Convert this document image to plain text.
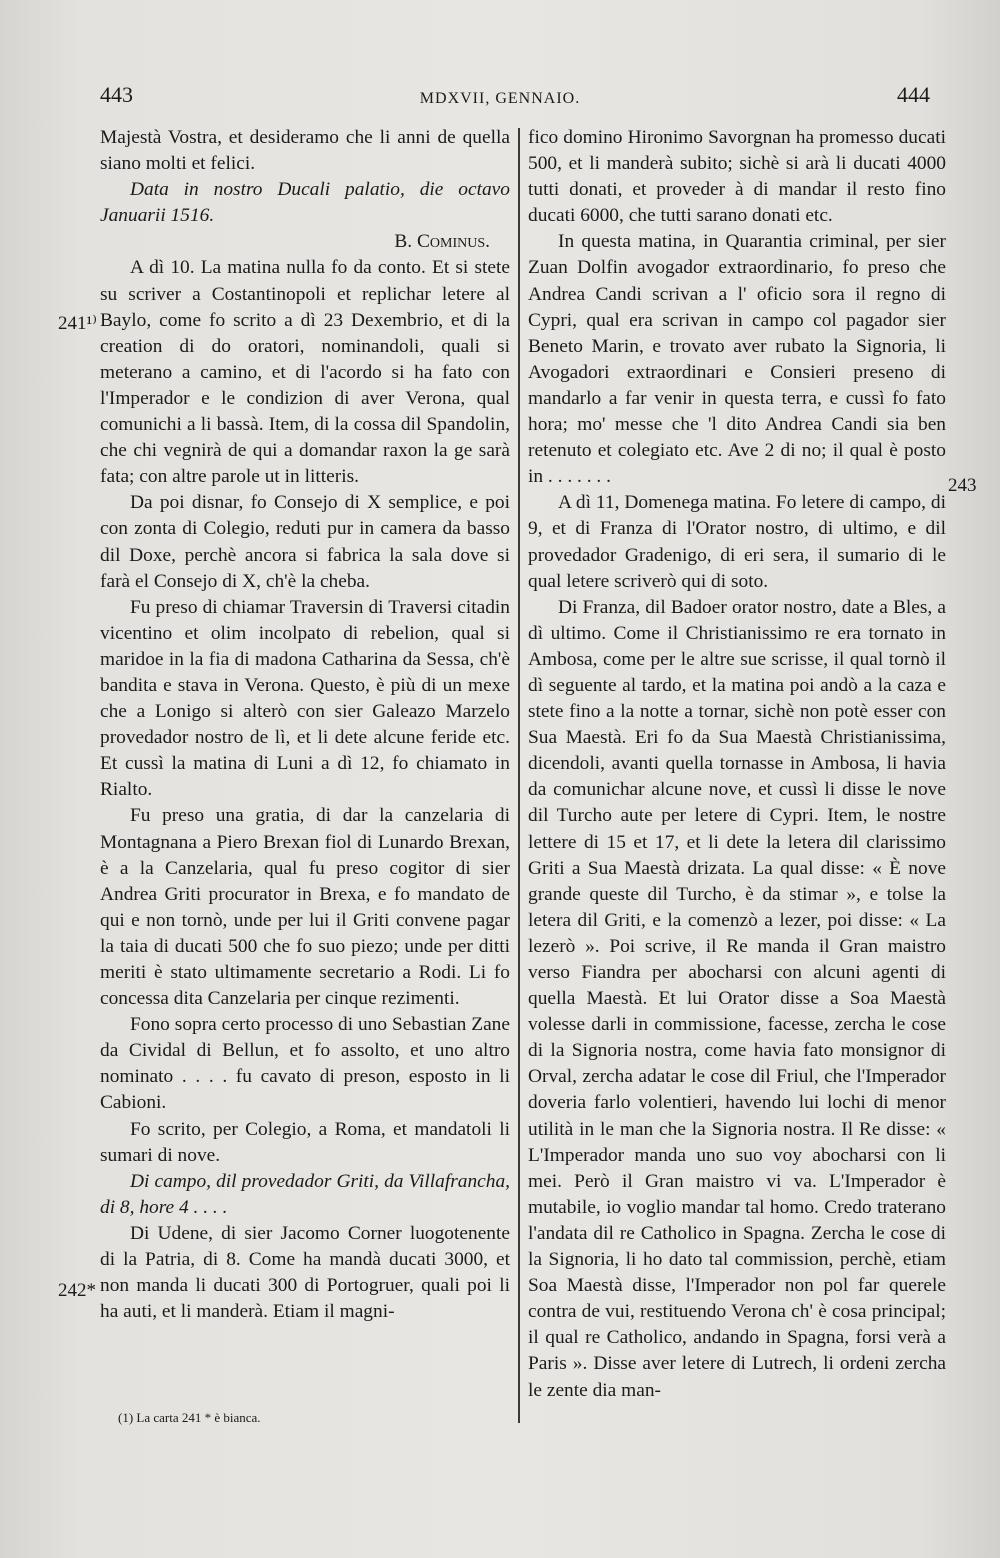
443	MDXVII, GENNAIO.	444
241¹⁾
242*
243

Majestà Vostra, et desideramo che li anni de quella siano molti et felici.

Data in nostro Ducali palatio, die octavo Januarii 1516.

B. Cominus.

A dì 10. La matina nulla fo da conto. Et si stete su scriver a Costantinopoli et replichar letere al Baylo, come fo scrito a dì 23 Dexembrio, et di la creation di do oratori, nominandoli, quali si meterano a camino, et di l'acordo si ha fato con l'Imperador e le condizion di aver Verona, qual comunichi a li bassà. Item, di la cossa dil Spandolin, che chi vegnirà de qui a domandar raxon la ge sarà fata; con altre parole ut in litteris.

Da poi disnar, fo Consejo di X semplice, e poi con zonta di Colegio, reduti pur in camera da basso dil Doxe, perchè ancora si fabrica la sala dove si farà el Consejo di X, ch'è la cheba.

Fu preso di chiamar Traversin di Traversi citadin vicentino et olim incolpato di rebelion, qual si maridoe in la fia di madona Catharina da Sessa, ch'è bandita e stava in Verona. Questo, è più di un mexe che a Lonigo si alterò con sier Galeazo Marzelo provedador nostro de lì, et li dete alcune feride etc. Et cussì la matina di Luni a dì 12, fo chiamato in Rialto.

Fu preso una gratia, di dar la canzelaria di Montagnana a Piero Brexan fiol di Lunardo Brexan, è a la Canzelaria, qual fu preso cogitor di sier Andrea Griti procurator in Brexa, e fo mandato de qui e non tornò, unde per lui il Griti convene pagar la taia di ducati 500 che fo suo piezo; unde per ditti meriti è stato ultimamente secretario a Rodi. Li fo concessa dita Canzelaria per cinque rezimenti.

Fono sopra certo processo di uno Sebastian Zane da Cividal di Bellun, et fo assolto, et uno altro nominato . . . . fu cavato di preson, esposto in li Cabioni.

Fo scrito, per Colegio, a Roma, et mandatoli li sumari di nove.

Di campo, dil provedador Griti, da Villafrancha, di 8, hore 4 . . . .

Di Udene, di sier Jacomo Corner luogotenente di la Patria, di 8. Come ha mandà ducati 3000, et non manda li ducati 300 di Portogruer, quali poi li ha auti, et li manderà. Etiam il magni-

fico domino Hironimo Savorgnan ha promesso ducati 500, et li manderà subito; sichè si arà li ducati 4000 tutti donati, et proveder à di mandar il resto fino ducati 6000, che tutti sarano donati etc.

In questa matina, in Quarantia criminal, per sier Zuan Dolfin avogador extraordinario, fo preso che Andrea Candi scrivan a l' oficio sora il regno di Cypri, qual era scrivan in campo col pagador sier Beneto Marin, e trovato aver rubato la Signoria, li Avogadori extraordinari e Consieri preseno di mandarlo a far venir in questa terra, e cussì fo fato hora; mo' messe che 'l dito Andrea Candi sia ben retenuto et colegiato etc. Ave 2 di no; il qual è posto in . . . . . . .

A dì 11, Domenega matina. Fo letere di campo, di 9, et di Franza di l'Orator nostro, di ultimo, e dil provedador Gradenigo, di eri sera, il sumario di le qual letere scriverò qui di soto.

Di Franza, dil Badoer orator nostro, date a Bles, a dì ultimo. Come il Christianissimo re era tornato in Ambosa, come per le altre sue scrisse, il qual tornò il dì seguente al tardo, et la matina poi andò a la caza e stete fino a la notte a tornar, sichè non potè esser con Sua Maestà. Eri fo da Sua Maestà Christianissima, dicendoli, avanti quella tornasse in Ambosa, li havia da comunichar alcune nove, et cussì li disse le nove dil Turcho aute per letere di Cypri. Item, le nostre lettere di 15 et 17, et li dete la letera dil clarissimo Griti a Sua Maestà drizata. La qual disse: « È nove grande queste dil Turcho, è da stimar », e tolse la letera dil Griti, e la comenzò a lezer, poi disse: « La lezerò ». Poi scrive, il Re manda il Gran maistro verso Fiandra per abocharsi con alcuni agenti di quella Maestà. Et lui Orator disse a Soa Maestà volesse darli in commissione, facesse, zercha le cose di la Signoria nostra, come havia fato monsignor di Orval, zercha adatar le cose dil Friul, che l'Imperador doveria farlo volentieri, havendo lui lochi di menor utilità in le man che la Signoria nostra. Il Re disse: « L'Imperador manda uno suo voy abocharsi con li mei. Però il Gran maistro vi va. L'Imperador è mutabile, io voglio mandar tal homo. Credo traterano l'andata dil re Catholico in Spagna. Zercha le cose di la Signoria, li ho dato tal commission, perchè, etiam Soa Maestà disse, l'Imperador non pol far querele contra de vui, restituendo Verona ch' è cosa principal; il qual re Catholico, andando in Spagna, forsi verà a Paris ». Disse aver letere di Lutrech, li ordeni zercha le zente dia man-

(1) La carta 241 * è bianca.
